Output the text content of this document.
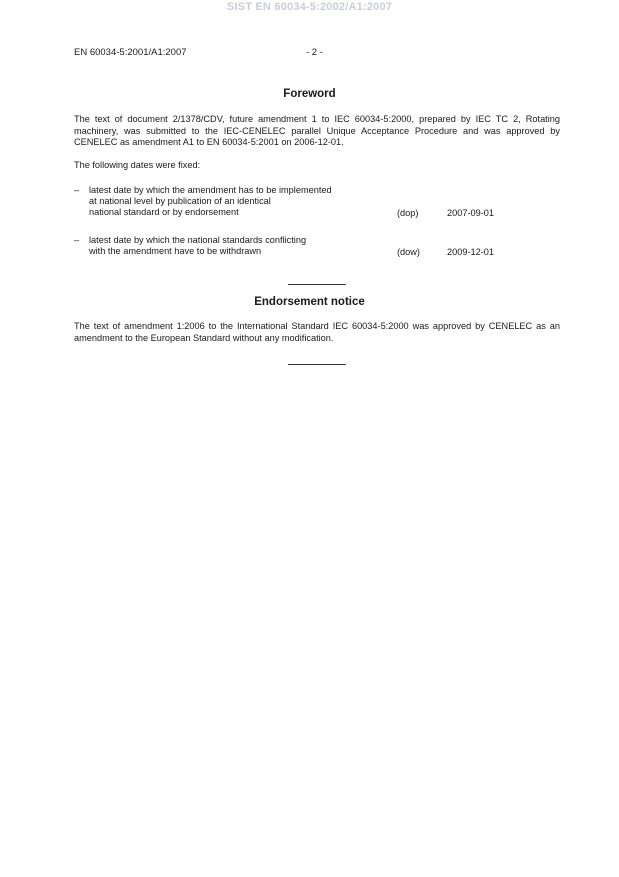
SIST EN 60034-5:2002/A1:2007
EN 60034-5:2001/A1:2007	- 2 -
Foreword
The text of document 2/1378/CDV, future amendment 1 to IEC 60034-5:2000, prepared by IEC TC 2, Rotating machinery, was submitted to the IEC-CENELEC parallel Unique Acceptance Procedure and was approved by CENELEC as amendment A1 to EN 60034-5:2001 on 2006-12-01.
The following dates were fixed:
– latest date by which the amendment has to be implemented
at national level by publication of an identical
national standard or by endorsement	(dop)	2007-09-01
– latest date by which the national standards conflicting
with the amendment have to be withdrawn	(dow)	2009-12-01
Endorsement notice
The text of amendment 1:2006 to the International Standard IEC 60034-5:2000 was approved by CENELEC as an amendment to the European Standard without any modification.
